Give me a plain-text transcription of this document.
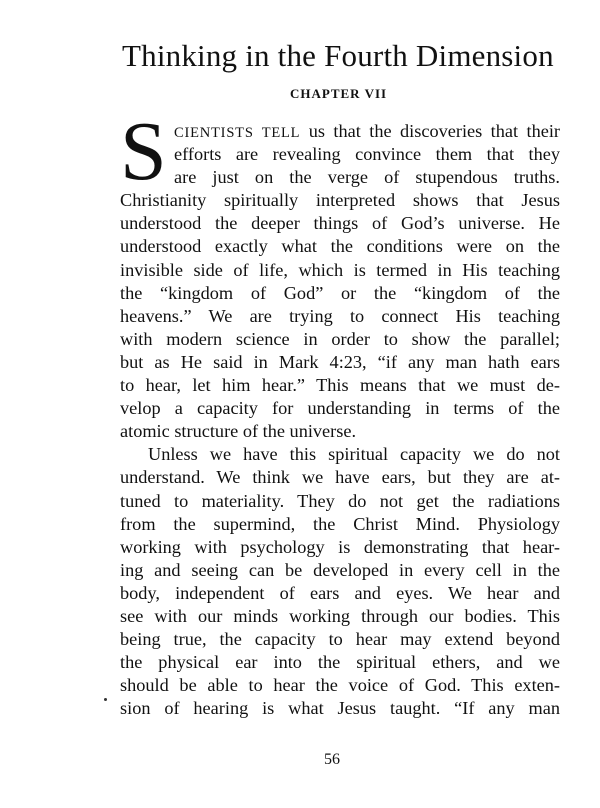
Thinking in the Fourth Dimension
CHAPTER VII
S CIENTISTS TELL us that the discoveries that their
efforts are revealing convince them that they
are just on the verge of stupendous truths.
Christianity spiritually interpreted shows that Jesus
understood the deeper things of God’s universe. He
understood exactly what the conditions were on the
invisible side of life, which is termed in His teaching
the “kingdom of God” or the “kingdom of the
heavens.” We are trying to connect His teaching
with modern science in order to show the parallel;
but as He said in Mark 4:23, “if any man hath ears
to hear, let him hear.” This means that we must de-
velop a capacity for understanding in terms of the
atomic structure of the universe.
Unless we have this spiritual capacity we do not
understand. We think we have ears, but they are at-
tuned to materiality. They do not get the radiations
from the supermind, the Christ Mind. Physiology
working with psychology is demonstrating that hear-
ing and seeing can be developed in every cell in the
body, independent of ears and eyes. We hear and
see with our minds working through our bodies. This
being true, the capacity to hear may extend beyond
the physical ear into the spiritual ethers, and we
should be able to hear the voice of God. This exten-
sion of hearing is what Jesus taught. “If any man
56
